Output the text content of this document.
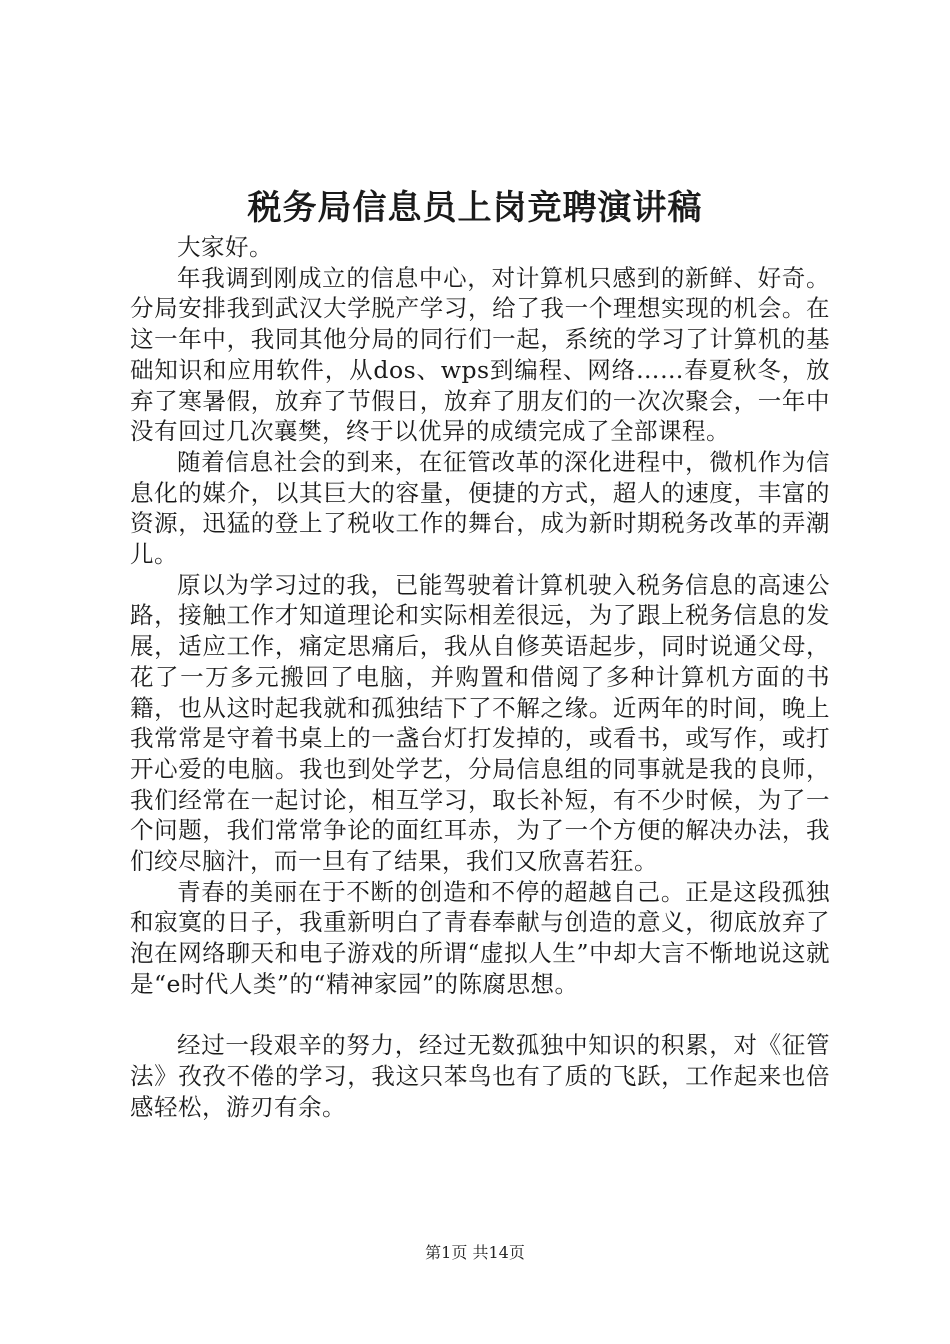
税务局信息员上岗竞聘演讲稿

大家好。

年我调到刚成立的信息中心，对计算机只感到的新鲜、好奇。分局安排我到武汉大学脱产学习，给了我一个理想实现的机会。在这一年中，我同其他分局的同行们一起，系统的学习了计算机的基础知识和应用软件，从dos、wps到编程、网络……春夏秋冬，放弃了寒暑假，放弃了节假日，放弃了朋友们的一次次聚会，一年中没有回过几次襄樊，终于以优异的成绩完成了全部课程。

随着信息社会的到来，在征管改革的深化进程中，微机作为信息化的媒介，以其巨大的容量，便捷的方式，超人的速度，丰富的资源，迅猛的登上了税收工作的舞台，成为新时期税务改革的弄潮儿。

原以为学习过的我，已能驾驶着计算机驶入税务信息的高速公路，接触工作才知道理论和实际相差很远，为了跟上税务信息的发展，适应工作，痛定思痛后，我从自修英语起步，同时说通父母，花了一万多元搬回了电脑，并购置和借阅了多种计算机方面的书籍，也从这时起我就和孤独结下了不解之缘。近两年的时间，晚上我常常是守着书桌上的一盏台灯打发掉的，或看书，或写作，或打开心爱的电脑。我也到处学艺，分局信息组的同事就是我的良师，我们经常在一起讨论，相互学习，取长补短，有不少时候，为了一个问题，我们常常争论的面红耳赤，为了一个方便的解决办法，我们绞尽脑汁，而一旦有了结果，我们又欣喜若狂。

青春的美丽在于不断的创造和不停的超越自己。正是这段孤独和寂寞的日子，我重新明白了青春奉献与创造的意义，彻底放弃了泡在网络聊天和电子游戏的所谓“虚拟人生”中却大言不惭地说这就是“e时代人类”的“精神家园”的陈腐思想。

经过一段艰辛的努力，经过无数孤独中知识的积累，对《征管法》孜孜不倦的学习，我这只苯鸟也有了质的飞跃，工作起来也倍感轻松，游刃有余。

第1页 共14页
